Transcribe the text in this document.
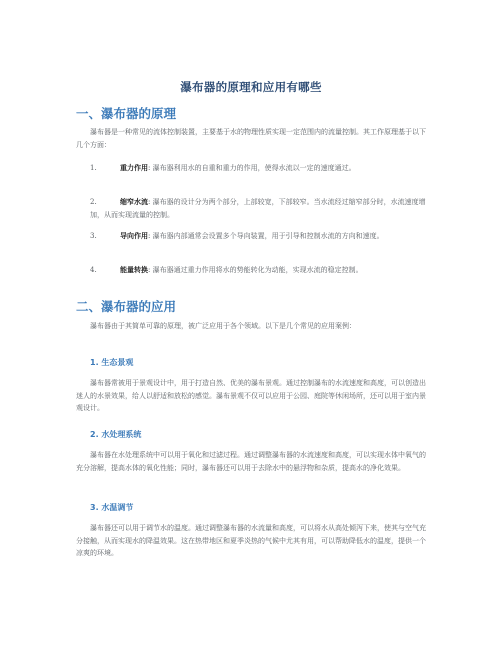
瀑布器的原理和应用有哪些
一、瀑布器的原理

瀑布器是一种常见的流体控制装置，主要基于水的物理性质实现一定范围内的流量控制。其工作原理基于以下几个方面：

1.	重力作用: 瀑布器利用水的自重和重力的作用，使得水流以一定的速度通过。

2.	缩窄水流: 瀑布器的设计分为两个部分，上部较宽，下部较窄。当水流经过缩窄部分时，水流速度增加，从而实现流量的控制。

3.	导向作用: 瀑布器内部通常会设置多个导向装置，用于引导和控制水流的方向和速度。

4.	能量转换: 瀑布器通过重力作用将水的势能转化为动能，实现水流的稳定控制。

二、瀑布器的应用

瀑布器由于其简单可靠的原理，被广泛应用于各个领域。以下是几个常见的应用案例：

1. 生态景观

瀑布器常被用于景观设计中，用于打造自然、优美的瀑布景观。通过控制瀑布的水流速度和高度，可以创造出迷人的水景效果，给人以舒适和放松的感觉。瀑布景观不仅可以应用于公园、庭院等休闲场所，还可以用于室内景观设计。

2. 水处理系统

瀑布器在水处理系统中可以用于氧化和过滤过程。通过调整瀑布器的水流速度和高度，可以实现水体中氧气的充分溶解，提高水体的氧化性能；同时，瀑布器还可以用于去除水中的悬浮物和杂质，提高水的净化效果。

3. 水温调节

瀑布器还可以用于调节水的温度。通过调整瀑布器的水流量和高度，可以将水从高处倾泻下来，使其与空气充分接触，从而实现水的降温效果。这在热带地区和夏季炎热的气候中尤其有用，可以帮助降低水的温度，提供一个凉爽的环境。
